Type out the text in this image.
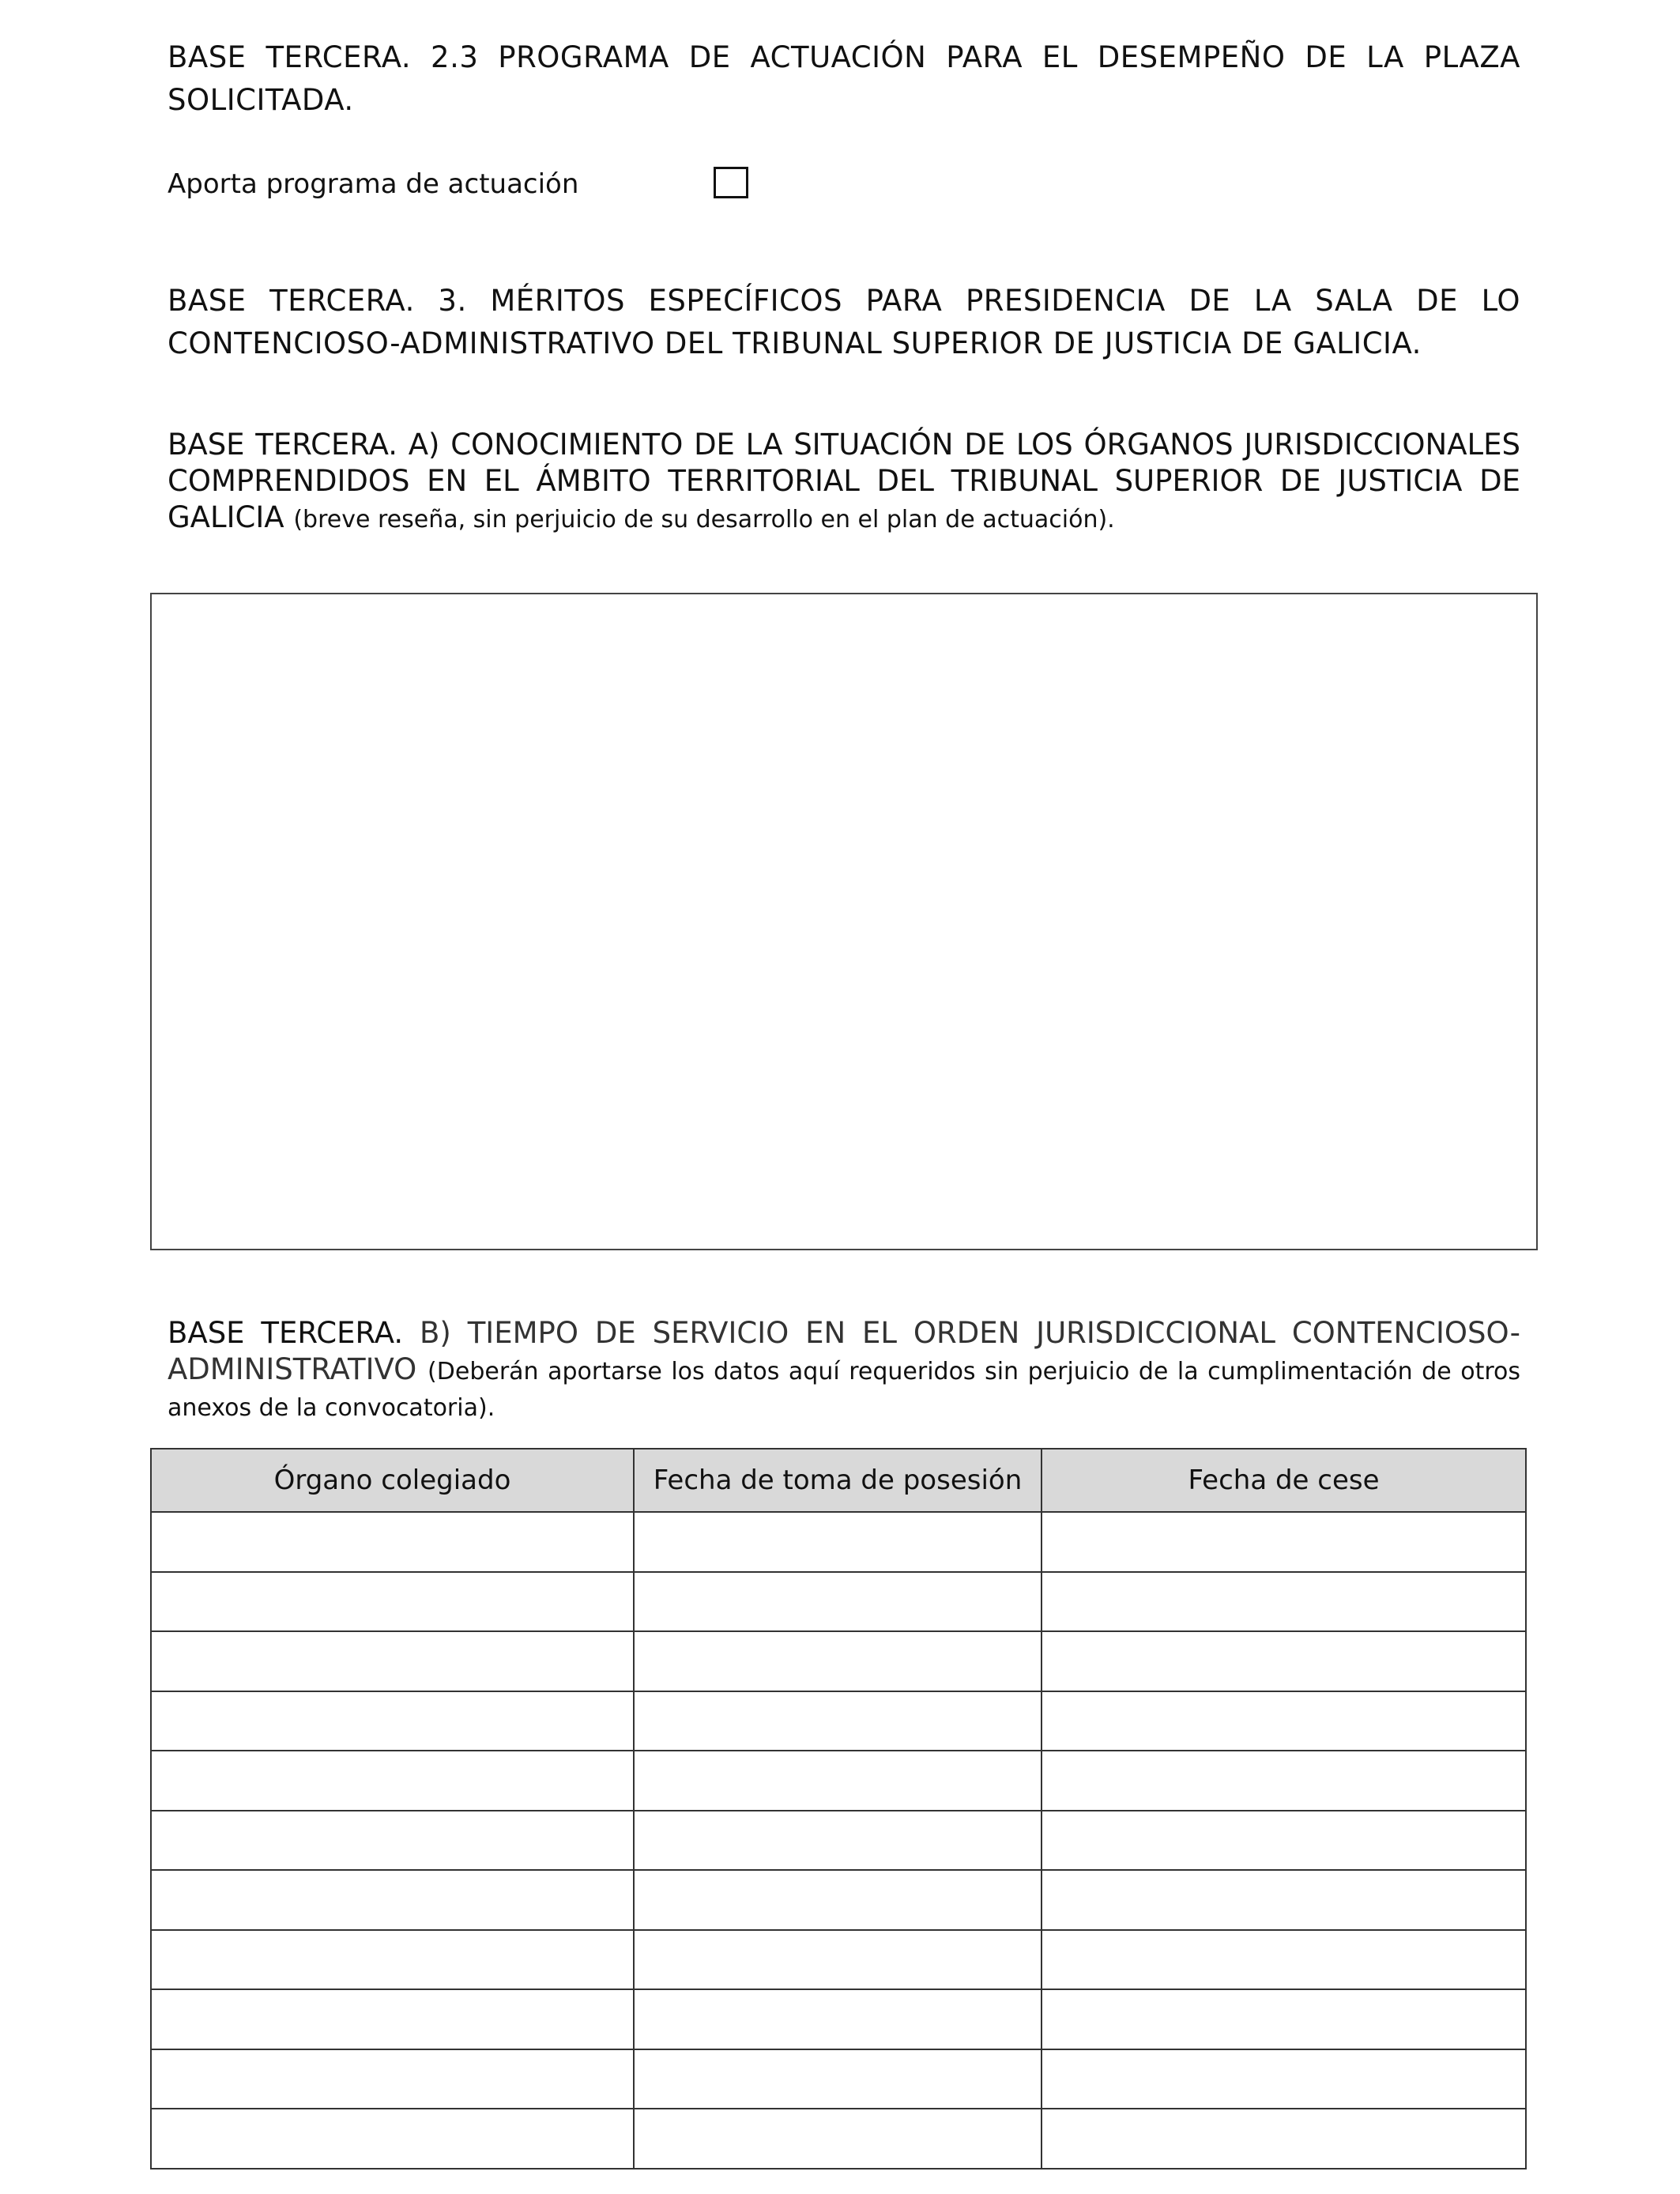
BASE TERCERA. 2.3 PROGRAMA DE ACTUACIÓN PARA EL DESEMPEÑO DE LA PLAZA SOLICITADA.

Aporta programa de actuación

BASE TERCERA. 3. MÉRITOS ESPECÍFICOS PARA PRESIDENCIA DE LA SALA DE LO CONTENCIOSO-ADMINISTRATIVO DEL TRIBUNAL SUPERIOR DE JUSTICIA DE GALICIA.

BASE TERCERA. A) CONOCIMIENTO DE LA SITUACIÓN DE LOS ÓRGANOS JURISDICCIONALES COMPRENDIDOS EN EL ÁMBITO TERRITORIAL DEL TRIBUNAL SUPERIOR DE JUSTICIA DE GALICIA (breve reseña, sin perjuicio de su desarrollo en el plan de actuación).

BASE TERCERA. B) TIEMPO DE SERVICIO EN EL ORDEN JURISDICCIONAL CONTENCIOSO-ADMINISTRATIVO (Deberán aportarse los datos aquí requeridos sin perjuicio de la cumplimentación de otros anexos de la convocatoria).

Órgano colegiado	Fecha de toma de posesión	Fecha de cese
